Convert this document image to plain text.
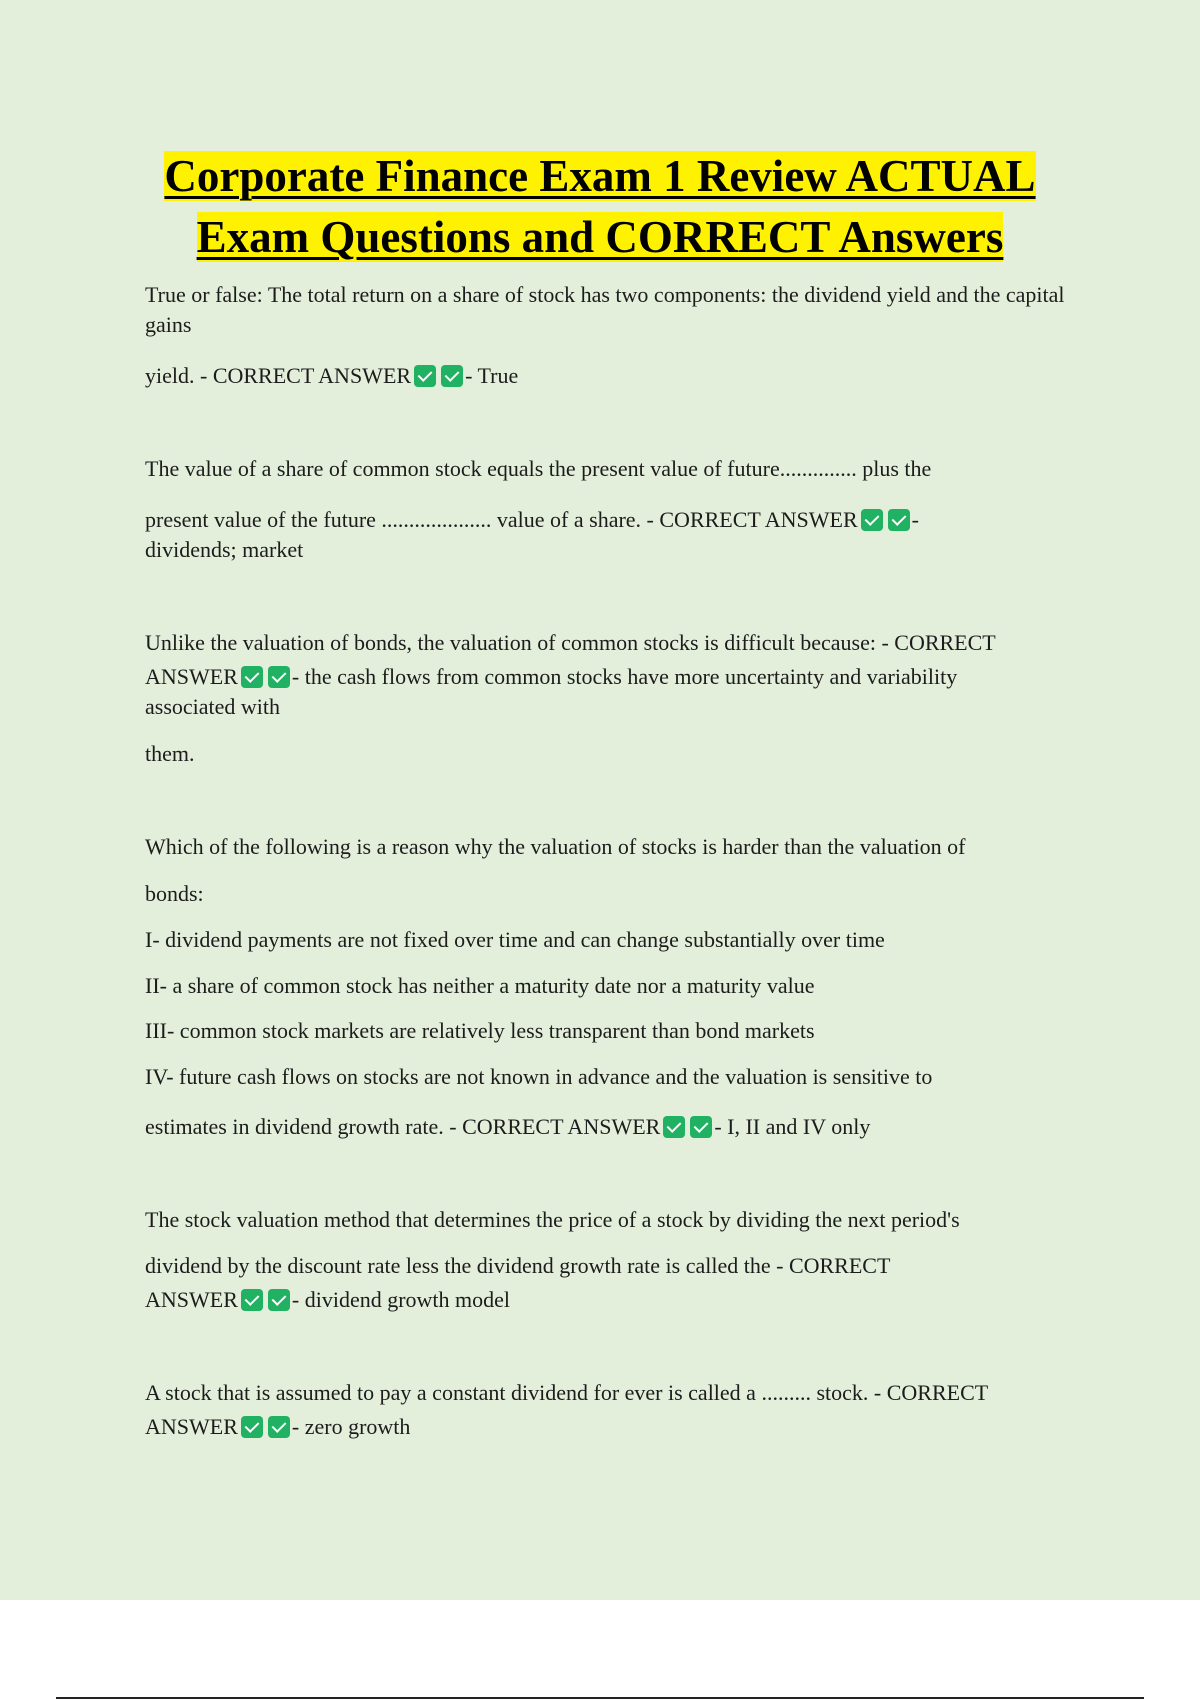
Corporate Finance Exam 1 Review ACTUAL
Exam Questions and CORRECT Answers
True or false: The total return on a share of stock has two components: the dividend yield and the capital gains
yield. - CORRECT ANSWER - True
The value of a share of common stock equals the present value of future.............. plus the
present value of the future .................... value of a share. - CORRECT ANSWER -
dividends; market
Unlike the valuation of bonds, the valuation of common stocks is difficult because: - CORRECT
ANSWER - the cash flows from common stocks have more uncertainty and variability
associated with
them.
Which of the following is a reason why the valuation of stocks is harder than the valuation of
bonds:
I- dividend payments are not fixed over time and can change substantially over time
II- a share of common stock has neither a maturity date nor a maturity value
III- common stock markets are relatively less transparent than bond markets
IV- future cash flows on stocks are not known in advance and the valuation is sensitive to
estimates in dividend growth rate. - CORRECT ANSWER - I, II and IV only
The stock valuation method that determines the price of a stock by dividing the next period's
dividend by the discount rate less the dividend growth rate is called the - CORRECT
ANSWER - dividend growth model
A stock that is assumed to pay a constant dividend for ever is called a ......... stock. - CORRECT
ANSWER - zero growth
